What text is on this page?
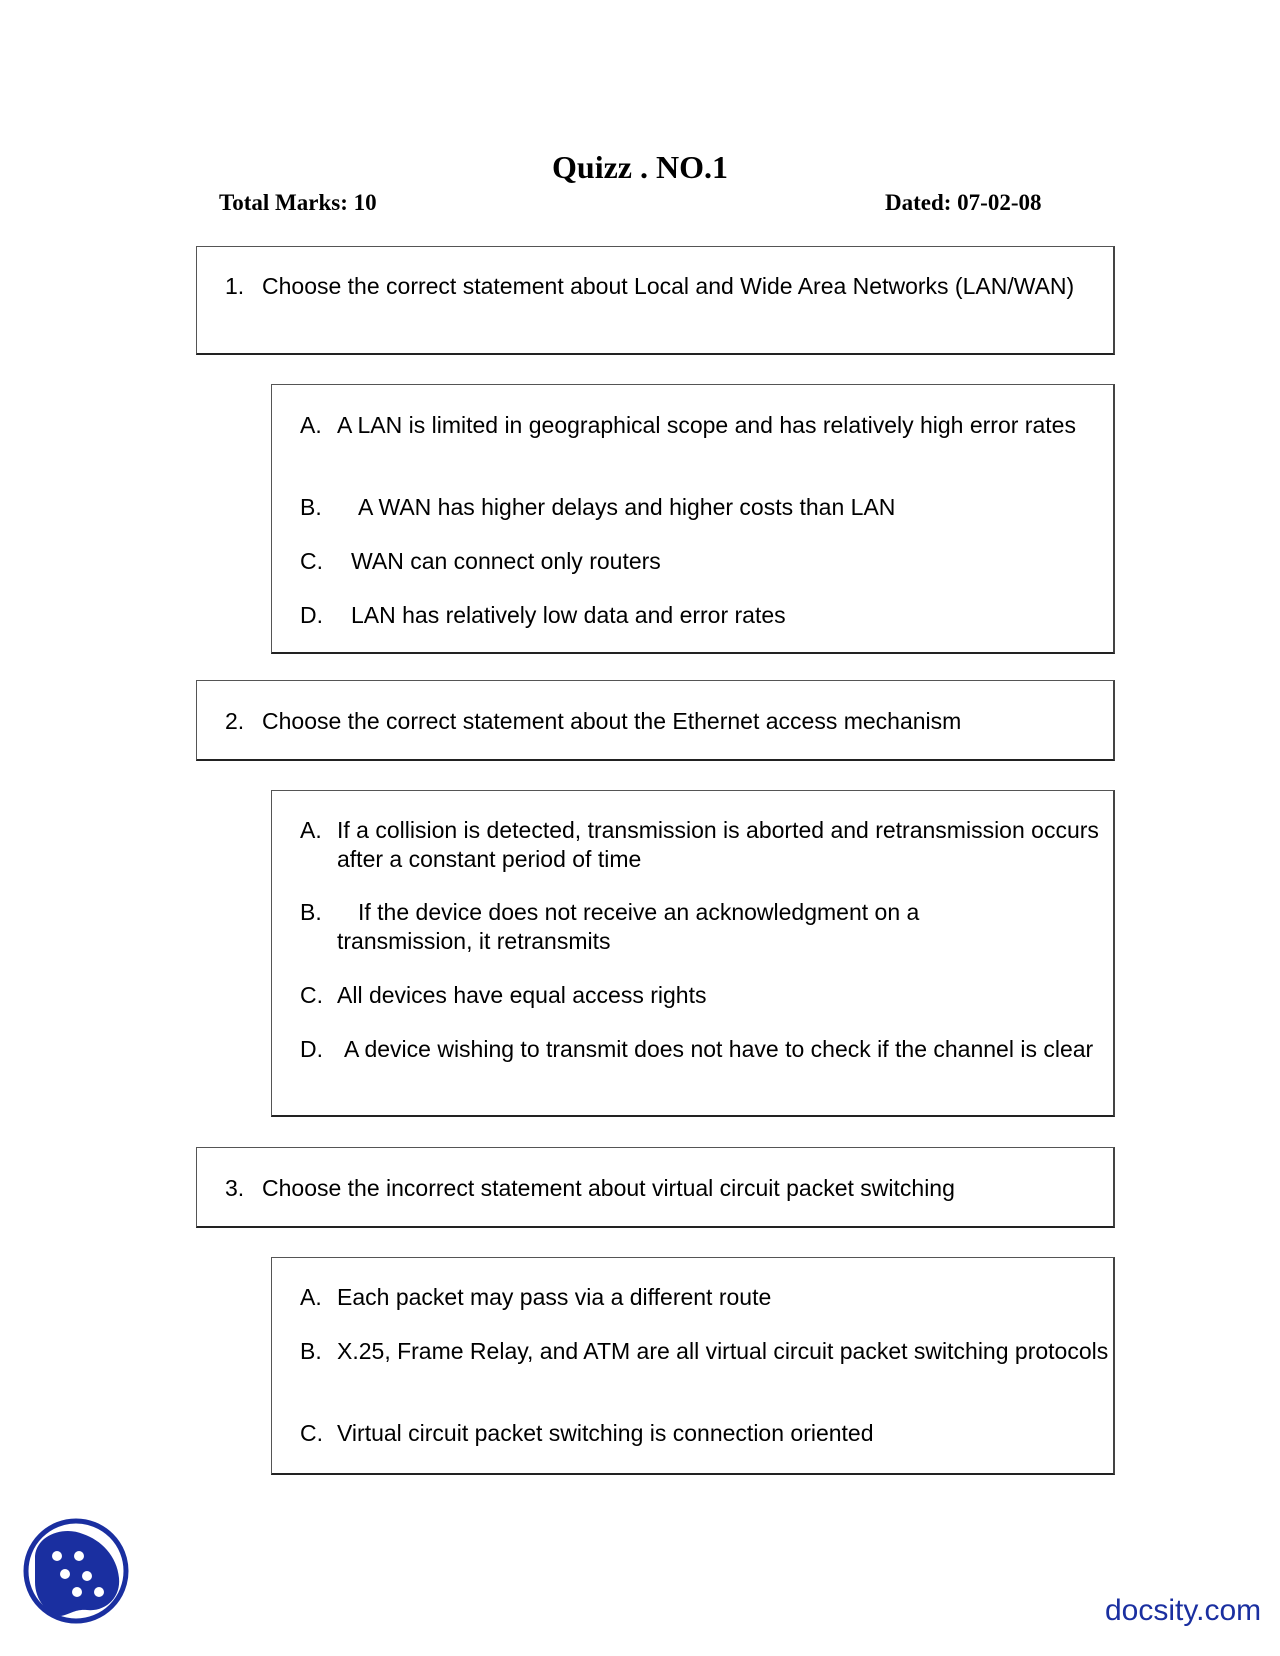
Quizz . NO.1
Total Marks: 10	Dated: 07-02-08
1. Choose the correct statement about Local and Wide Area Networks (LAN/WAN)
A. A LAN is limited in geographical scope and has relatively high error rates
B.	A WAN has higher delays and higher costs than LAN
C.	WAN can connect only routers
D.	LAN has relatively low data and error rates
2. Choose the correct statement about the Ethernet access mechanism
A. If a collision is detected, transmission is aborted and retransmission occurs after a constant period of time
B.	If the device does not receive an acknowledgment on a transmission, it retransmits
C. All devices have equal access rights
D. A device wishing to transmit does not have to check if the channel is clear
3. Choose the incorrect statement about virtual circuit packet switching
A. Each packet may pass via a different route
B. X.25, Frame Relay, and ATM are all virtual circuit packet switching protocols
C. Virtual circuit packet switching is connection oriented
docsity.com
